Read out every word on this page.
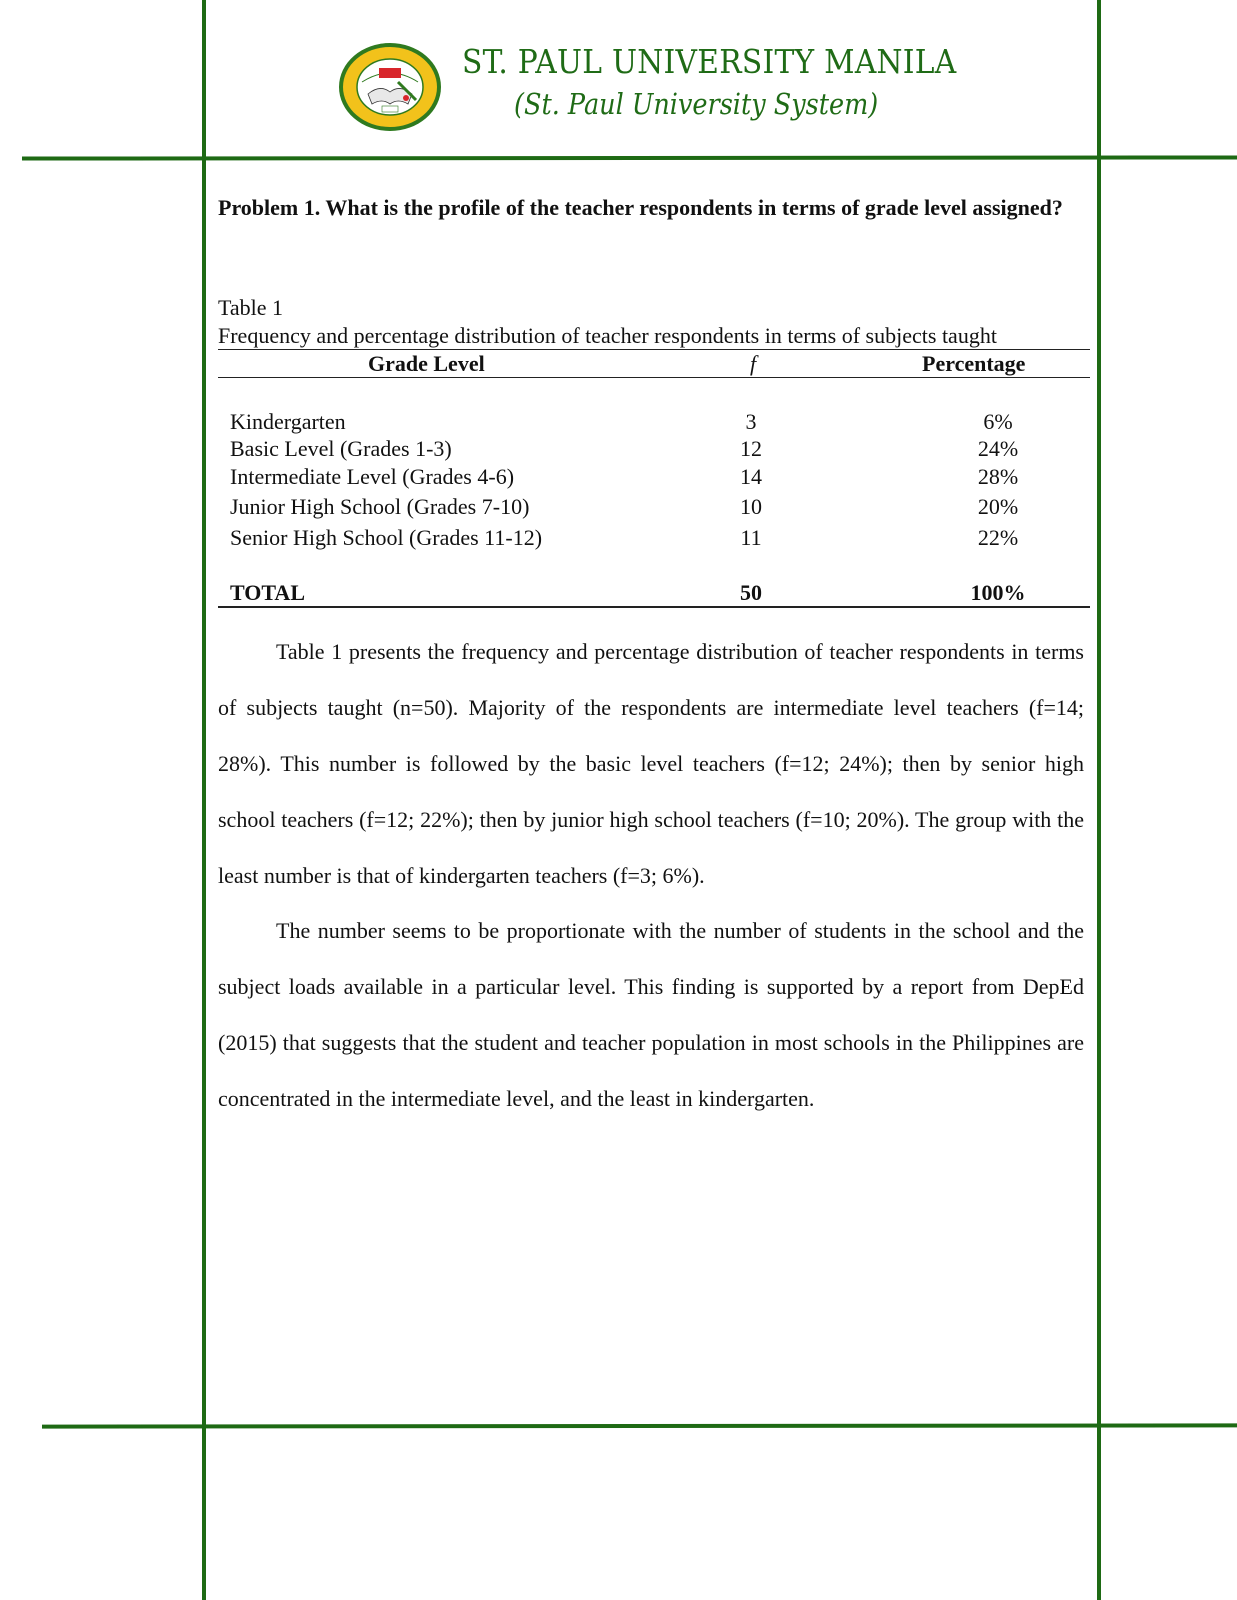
ST. PAUL UNIVERSITY MANILA
(St. Paul University System)
Problem 1. What is the profile of the teacher respondents in terms of grade level assigned?
Table 1
Frequency and percentage distribution of teacher respondents in terms of subjects taught
Grade Level	f	Percentage
Kindergarten	3	6%
Basic Level (Grades 1-3)	12	24%
Intermediate Level (Grades 4-6)	14	28%
Junior High School (Grades 7-10)	10	20%
Senior High School (Grades 11-12)	11	22%
TOTAL	50	100%
Table 1 presents the frequency and percentage distribution of teacher respondents in terms of subjects taught (n=50). Majority of the respondents are intermediate level teachers (f=14; 28%). This number is followed by the basic level teachers (f=12; 24%); then by senior high school teachers (f=12; 22%); then by junior high school teachers (f=10; 20%). The group with the least number is that of kindergarten teachers (f=3; 6%).
The number seems to be proportionate with the number of students in the school and the subject loads available in a particular level. This finding is supported by a report from DepEd (2015) that suggests that the student and teacher population in most schools in the Philippines are concentrated in the intermediate level, and the least in kindergarten.
